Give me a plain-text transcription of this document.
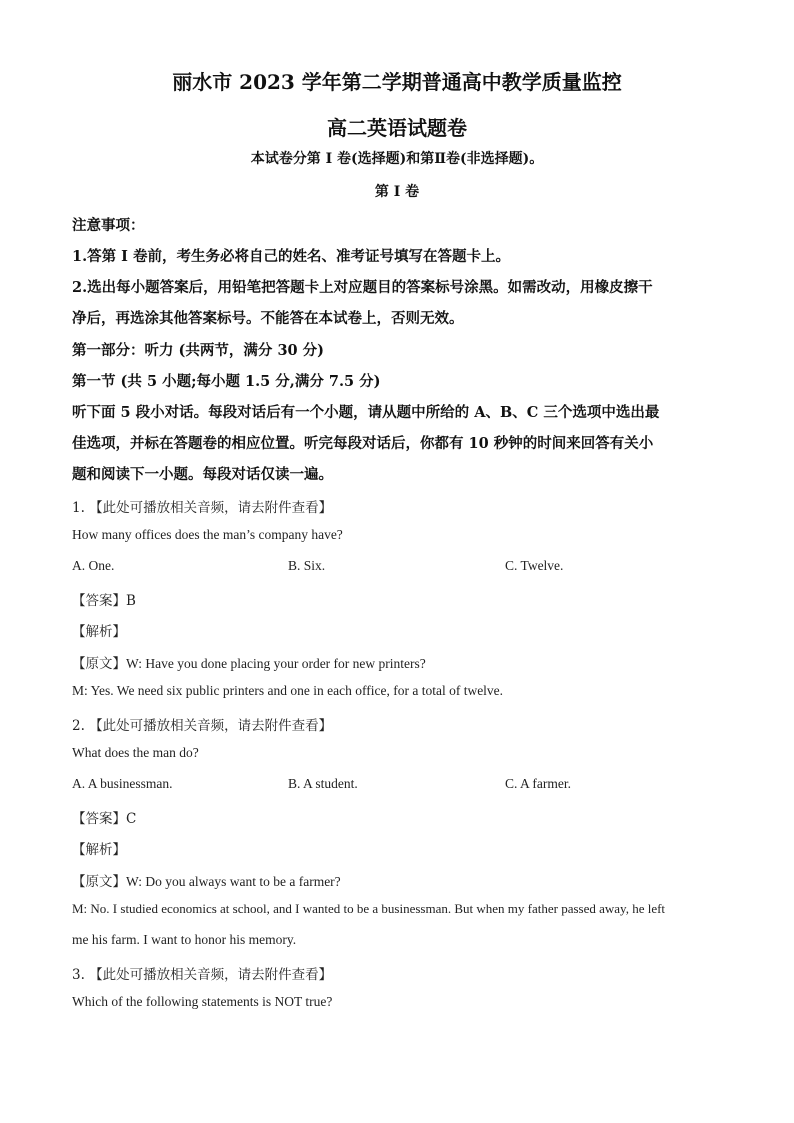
丽水市 2023 学年第二学期普通高中教学质量监控
高二英语试题卷
本试卷分第 I 卷(选择题)和第Ⅱ卷(非选择题)。
第 I 卷
注意事项：
1.答第 I 卷前，考生务必将自己的姓名、准考证号填写在答题卡上。
2.选出每小题答案后，用铅笔把答题卡上对应题目的答案标号涂黑。如需改动，用橡皮擦干
净后，再选涂其他答案标号。不能答在本试卷上，否则无效。
第一部分：听力 (共两节，满分 30 分)
第一节 (共 5 小题;每小题 1.5 分,满分 7.5 分)
听下面 5 段小对话。每段对话后有一个小题，请从题中所给的 A、B、C 三个选项中选出最
佳选项，并标在答题卷的相应位置。听完每段对话后，你都有 10 秒钟的时间来回答有关小
题和阅读下一小题。每段对话仅读一遍。
1. 【此处可播放相关音频，请去附件查看】
How many offices does the man’s company have?
A. One.	B. Six.	C. Twelve.
【答案】B
【解析】
【原文】W: Have you done placing your order for new printers?
M: Yes. We need six public printers and one in each office, for a total of twelve.
2. 【此处可播放相关音频，请去附件查看】
What does the man do?
A. A businessman.	B. A student.	C. A farmer.
【答案】C
【解析】
【原文】W: Do you always want to be a farmer?
M: No. I studied economics at school, and I wanted to be a businessman. But when my father passed away, he left
me his farm. I want to honor his memory.
3. 【此处可播放相关音频，请去附件查看】
Which of the following statements is NOT true?
